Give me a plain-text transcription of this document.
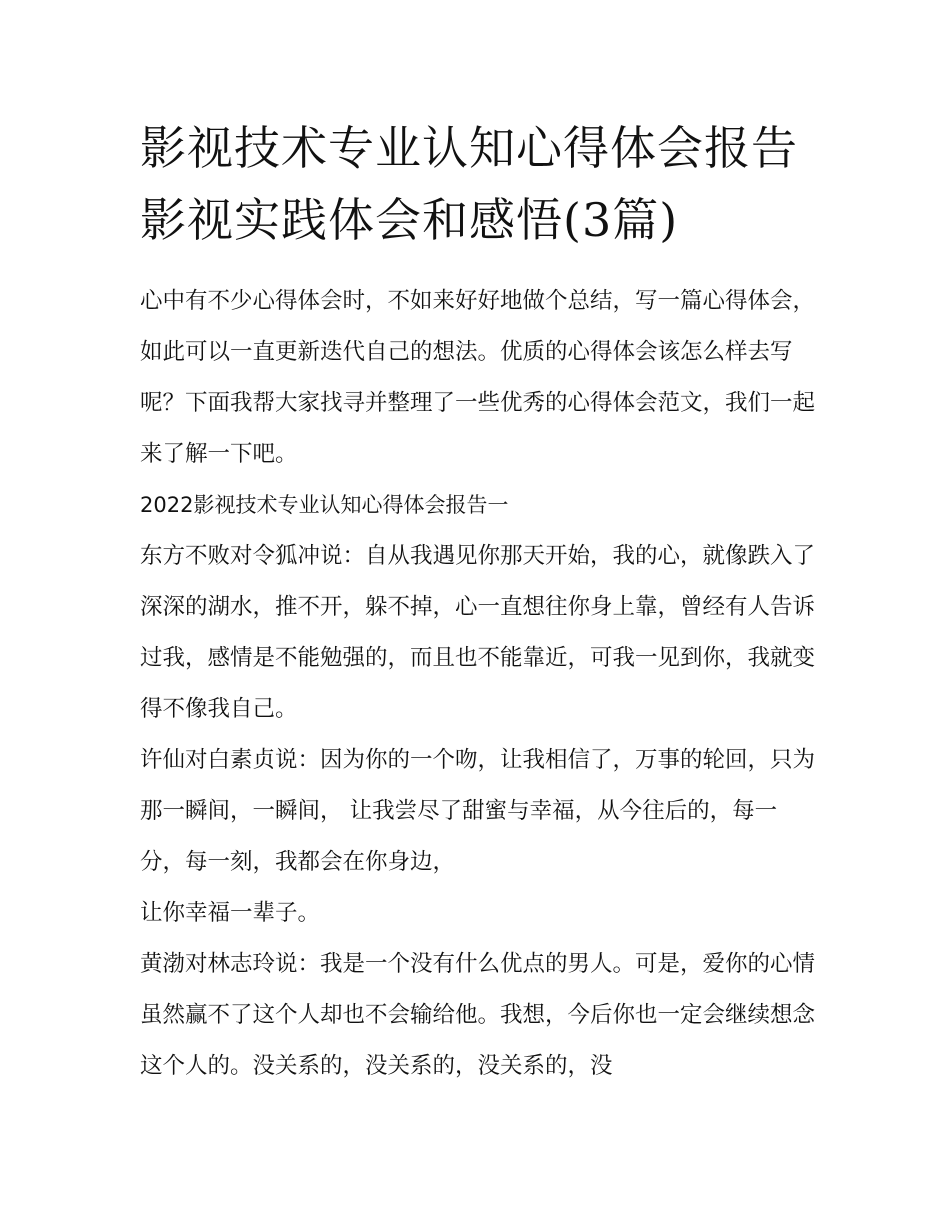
影视技术专业认知心得体会报告 影视实践体会和感悟(3篇)

心中有不少心得体会时，不如来好好地做个总结，写一篇心得体会，如此可以一直更新迭代自己的想法。优质的心得体会该怎么样去写呢？下面我帮大家找寻并整理了一些优秀的心得体会范文，我们一起来了解一下吧。

2022影视技术专业认知心得体会报告一

东方不败对令狐冲说：自从我遇见你那天开始，我的心，就像跌入了深深的湖水，推不开，躲不掉，心一直想往你身上靠，曾经有人告诉过我，感情是不能勉强的，而且也不能靠近，可我一见到你，我就变得不像我自己。

许仙对白素贞说：因为你的一个吻，让我相信了，万事的轮回，只为那一瞬间，一瞬间， 让我尝尽了甜蜜与幸福，从今往后的，每一分，每一刻，我都会在你身边，

让你幸福一辈子。

黄渤对林志玲说：我是一个没有什么优点的男人。可是，爱你的心情虽然赢不了这个人却也不会输给他。我想，今后你也一定会继续想念这个人的。没关系的，没关系的，没关系的，没
